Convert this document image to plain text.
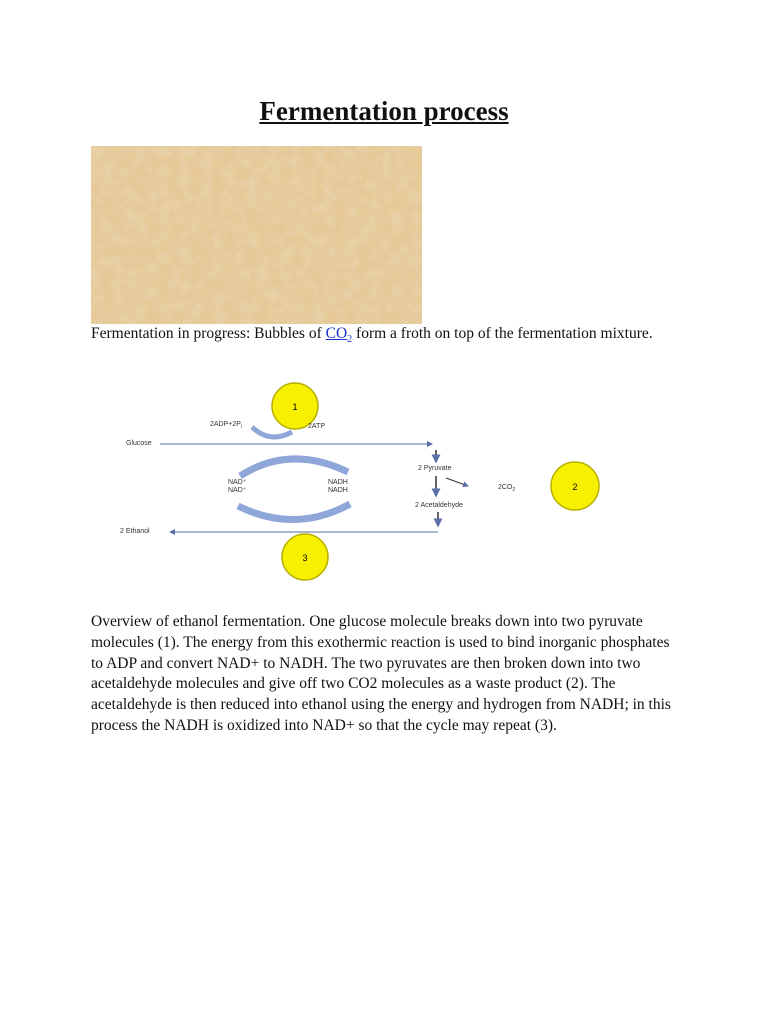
Fermentation process

Fermentation in progress: Bubbles of $CO_2$ form a froth on top of the fermentation mixture.

1
2
3
$2ADP+2P_i$	2ATP
Glucose
2 Pyruvate
$2CO_2$
NAD⁺
NAD⁺
NADH
NADH
2 Acetaldehyde
2 Ethanol

Overview of ethanol fermentation. One glucose molecule breaks down into two pyruvate molecules (1). The energy from this exothermic reaction is used to bind inorganic phosphates to ADP and convert NAD+ to NADH. The two pyruvates are then broken down into two acetaldehyde molecules and give off two CO2 molecules as a waste product (2). The acetaldehyde is then reduced into ethanol using the energy and hydrogen from NADH; in this process the NADH is oxidized into NAD+ so that the cycle may repeat (3).
